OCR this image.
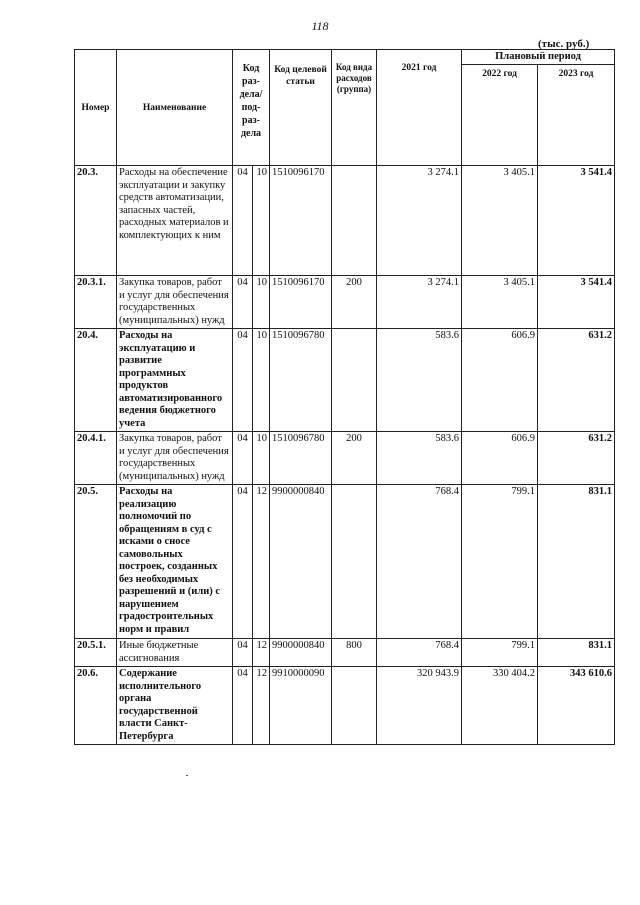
118
(тыс. руб.)
Номер	Наименование	Код раз-дела/ под-раз-дела		Код целевой статьи	Код вида расходов (группа)	2021 год	Плановый период	
							2022 год	2023 год
20.3.	Расходы на обеспечение эксплуатации и закупку средств автоматизации, запасных частей, расходных материалов и комплектующих к ним	04	10	1510096170		3 274.1	3 405.1	3 541.4
20.3.1.	Закупка товаров, работ и услуг для обеспечения государственных (муниципальных) нужд	04	10	1510096170	200	3 274.1	3 405.1	3 541.4
20.4.	Расходы на эксплуатацию и развитие программных продуктов автоматизированного ведения бюджетного учета	04	10	1510096780		583.6	606.9	631.2
20.4.1.	Закупка товаров, работ и услуг для обеспечения государственных (муниципальных) нужд	04	10	1510096780	200	583.6	606.9	631.2
20.5.	Расходы на реализацию полномочий по обращениям в суд с исками о сносе самовольных построек, созданных без необходимых разрешений и (или) с нарушением градостроительных норм и правил	04	12	9900000840		768.4	799.1	831.1
20.5.1.	Иные бюджетные ассигнования	04	12	9900000840	800	768.4	799.1	831.1
20.6.	Содержание исполнительного органа государственной власти Санкт-Петербурга	04	12	9910000090		320 943.9	330 404.2	343 610.6
